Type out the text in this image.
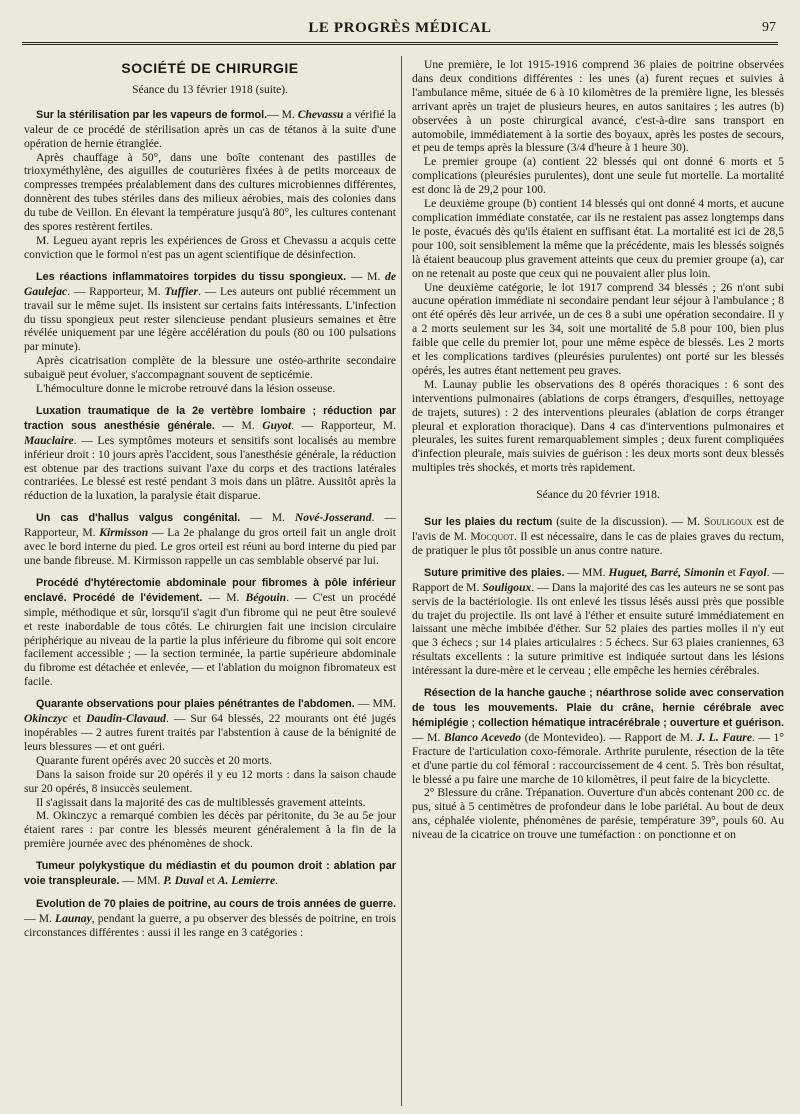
LE PROGRÈS MÉDICAL	97
SOCIÉTÉ DE CHIRURGIE
Séance du 13 février 1918 (suite).

Sur la stérilisation par les vapeurs de formol.— M. Chevassu a vérifié la valeur de ce procédé de stérilisation après un cas de tétanos à la suite d'une opération de hernie étranglée.

Après chauffage à 50°, dans une boîte contenant des pastilles de trioxyméthylène, des aiguilles de couturières fixées à de petits morceaux de compresses trempées préalablement dans des cultures microbiennes différentes, donnèrent des tubes stériles dans des milieux aérobies, mais des colonies dans du tube de Veillon. En élevant la température jusqu'à 80°, les cultures contenant des spores restèrent fertiles.

M. Legueu ayant repris les expériences de Gross et Chevassu a acquis cette conviction que le formol n'est pas un agent scientifique de désinfection.

Les réactions inflammatoires torpides du tissu spongieux. — M. de Gaulejac. — Rapporteur, M. Tuffier. — Les auteurs ont publié récemment un travail sur le même sujet. Ils insistent sur certains faits intéressants. L'infection du tissu spongieux peut rester silencieuse pendant plusieurs semaines et être révélée uniquement par une légère accélération du pouls (80 ou 100 pulsations par minute).

Après cicatrisation complète de la blessure une ostéo-arthrite secondaire subaiguë peut évoluer, s'accompagnant souvent de septicémie.

L'hémoculture donne le microbe retrouvé dans la lésion osseuse.

Luxation traumatique de la 2e vertèbre lombaire ; réduction par traction sous anesthésie générale. — M. Guyot. — Rapporteur, M. Mauclaire. — Les symptômes moteurs et sensitifs sont localisés au membre inférieur droit : 10 jours après l'accident, sous l'anesthésie générale, la réduction est obtenue par des tractions suivant l'axe du corps et des tractions latérales contrariées. Le blessé est resté pendant 3 mois dans un plâtre. Aussitôt après la réduction de la luxation, la paralysie était disparue.

Un cas d'hallus valgus congénital. — M. Nové-Josserand. — Rapporteur, M. Kirmisson — La 2e phalange du gros orteil fait un angle droit avec le bord interne du pied. Le gros orteil est réuni au bord interne du pied par une bande fibreuse. M. Kirmisson rappelle un cas semblable observé par lui.

Procédé d'hytérectomie abdominale pour fibromes à pôle inférieur enclavé. Procédé de l'évidement. — M. Bégouin. — C'est un procédé simple, méthodique et sûr, lorsqu'il s'agit d'un fibrome qui ne peut être soulevé et reste inabordable de tous côtés. Le chirurgien fait une incision circulaire périphérique au niveau de la partie la plus inférieure du fibrome qui soit encore facilement accessible ; — la section terminée, la partie supérieure abdominale du fibrome est détachée et enlevée, — et l'ablation du moignon fibromateux est facile.

Quarante observations pour plaies pénétrantes de l'abdomen. — MM. Okinczyc et Daudin-Clavaud. — Sur 64 blessés, 22 mourants ont été jugés inopérables — 2 autres furent traités par l'abstention à cause de la bénignité de leurs blessures — et ont guéri.

Quarante furent opérés avec 20 succès et 20 morts.

Dans la saison froide sur 20 opérés il y eu 12 morts : dans la saison chaude sur 20 opérés, 8 insuccès seulement.

Il s'agissait dans la majorité des cas de multiblessés gravement atteints.

M. Okinczyc a remarqué combien les décès par péritonite, du 3e au 5e jour étaient rares : par contre les blessés meurent généralement à la fin de la première journée avec des phénomènes de shock.

Tumeur polykystique du médiastin et du poumon droit : ablation par voie transpleurale. — MM. P. Duval et A. Lemierre.

Evolution de 70 plaies de poitrine, au cours de trois années de guerre. — M. Launay, pendant la guerre, a pu observer des blessés de poitrine, en trois circonstances différentes : aussi il les range en 3 catégories :

Une première, le lot 1915-1916 comprend 36 plaies de poitrine observées dans deux conditions différentes : les unes (a) furent reçues et suivies à l'ambulance même, située de 6 à 10 kilomètres de la première ligne, les blessés arrivant après un trajet de plusieurs heures, en autos sanitaires ; les autres (b) observées à un poste chirurgical avancé, c'est-à-dire sans transport en automobile, immédiatement à la sortie des boyaux, après les postes de secours, et peu de temps après la blessure (3/4 d'heure à 1 heure 30).

Le premier groupe (a) contient 22 blessés qui ont donné 6 morts et 5 complications (pleurésies purulentes), dont une seule fut mortelle. La mortalité est donc là de 29,2 pour 100.

Le deuxième groupe (b) contient 14 blessés qui ont donné 4 morts, et aucune complication immédiate constatée, car ils ne restaient pas assez longtemps dans le poste, évacués dès qu'ils étaient en suffisant état. La mortalité est ici de 28,5 pour 100, soit sensiblement la même que la précédente, mais les blessés soignés là étaient beaucoup plus gravement atteints que ceux du premier groupe (a), car on ne retenait au poste que ceux qui ne pouvaient aller plus loin.

Une deuxième catégorie, le lot 1917 comprend 34 blessés ; 26 n'ont subi aucune opération immédiate ni secondaire pendant leur séjour à l'ambulance ; 8 ont été opérés dès leur arrivée, un de ces 8 a subi une opération secondaire. Il y a 2 morts seulement sur les 34, soit une mortalité de 5.8 pour 100, bien plus faible que celle du premier lot, pour une même espèce de blessés. Les 2 morts et les complications tardives (pleurésies purulentes) ont porté sur les blessés opérés, les autres étant nettement peu graves.

M. Launay publie les observations des 8 opérés thoraciques : 6 sont des interventions pulmonaires (ablations de corps étrangers, d'esquilles, nettoyage de trajets, sutures) : 2 des interventions pleurales (ablation de corps étranger pleural et exploration thoracique). Dans 4 cas d'interventions pulmonaires et pleurales, les suites furent remarquablement simples ; deux furent compliquées d'infection pleurale, mais suivies de guérison : les deux morts sont deux blessés multiples très shockés, et morts très rapidement.

Séance du 20 février 1918.

Sur les plaies du rectum (suite de la discussion). — M. Souligoux est de l'avis de M. Mocquot. Il est nécessaire, dans le cas de plaies graves du rectum, de pratiquer le plus tôt possible un anus contre nature.

Suture primitive des plaies. — MM. Huguet, Barré, Simonin et Fayol. — Rapport de M. Souligoux. — Dans la majorité des cas les auteurs ne se sont pas servis de la bactériologie. Ils ont enlevé les tissus lésés aussi près que possible du trajet du projectile. Ils ont lavé à l'éther et ensuite suturé immédiatement en laissant une mèche imbibée d'éther. Sur 52 plaies des parties molles il n'y eut que 3 échecs ; sur 14 plaies articulaires : 5 échecs. Sur 63 plaies craniennes, 63 résultats excellents : la suture primitive est indiquée surtout dans les lésions intéressant la dure-mère et le cerveau ; elle empêche les hernies cérébrales.

Résection de la hanche gauche ; néarthrose solide avec conservation de tous les mouvements. Plaie du crâne, hernie cérébrale avec hémiplégie ; collection hématique intracérébrale ; ouverture et guérison. — M. Blanco Acevedo (de Montevideo). — Rapport de M. J. L. Faure. — 1° Fracture de l'articulation coxo-fémorale. Arthrite purulente, résection de la tête et d'une partie du col fémoral : raccourcissement de 4 cent. 5. Très bon résultat, le blessé a pu faire une marche de 10 kilomètres, il peut faire de la bicyclette.

2° Blessure du crâne. Trépanation. Ouverture d'un abcès contenant 200 cc. de pus, situé à 5 centimètres de profondeur dans le lobe pariétal. Au bout de deux ans, céphalée violente, phénomènes de parésie, température 39°, pouls 60. Au niveau de la cicatrice on trouve une tuméfaction : on ponctionne et on
